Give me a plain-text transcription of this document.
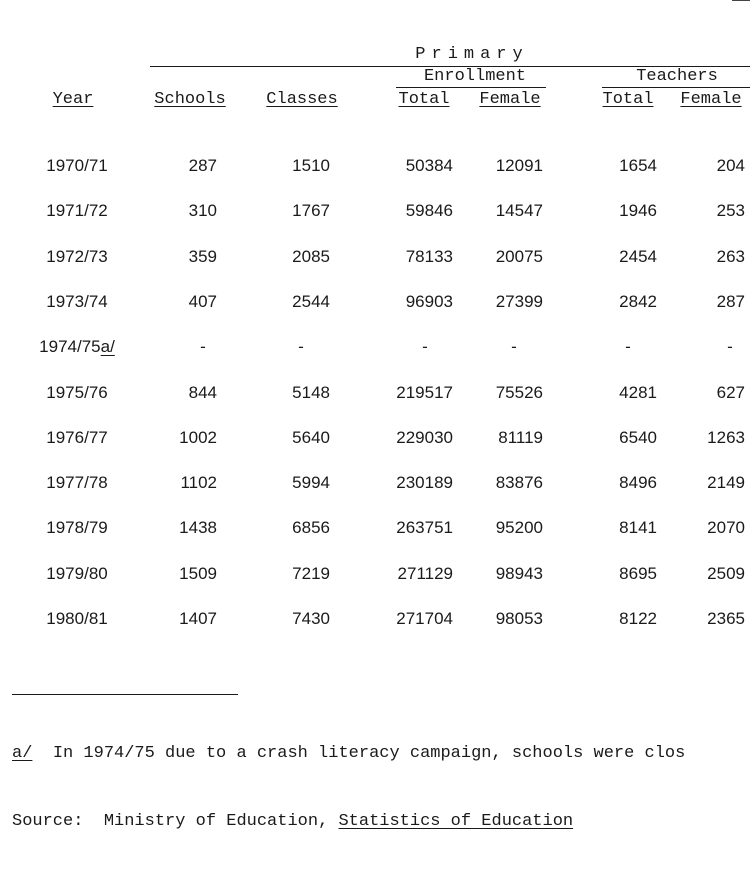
Primary
Enrollment	Teachers
Year	Schools Classes	Total Female	Total Female
1970/71	287	1510	50384	12091	1654	204
1971/72	310	1767	59846	14547	1946	253
1972/73	359	2085	78133	20075	2454	263
1973/74	407	2544	96903	27399	2842	287
1974/75a/	-	-	-	-	-	-
1975/76	844	5148	219517	75526	4281	627
1976/77	1002	5640	229030	81119	6540	1263
1977/78	1102	5994	230189	83876	8496	2149
1978/79	1438	6856	263751	95200	8141	2070
1979/80	1509	7219	271129	98943	8695	2509
1980/81	1407	7430	271704	98053	8122	2365
a/ In 1974/75 due to a crash literacy campaign, schools were clos
Source: Ministry of Education, Statistics of Education
